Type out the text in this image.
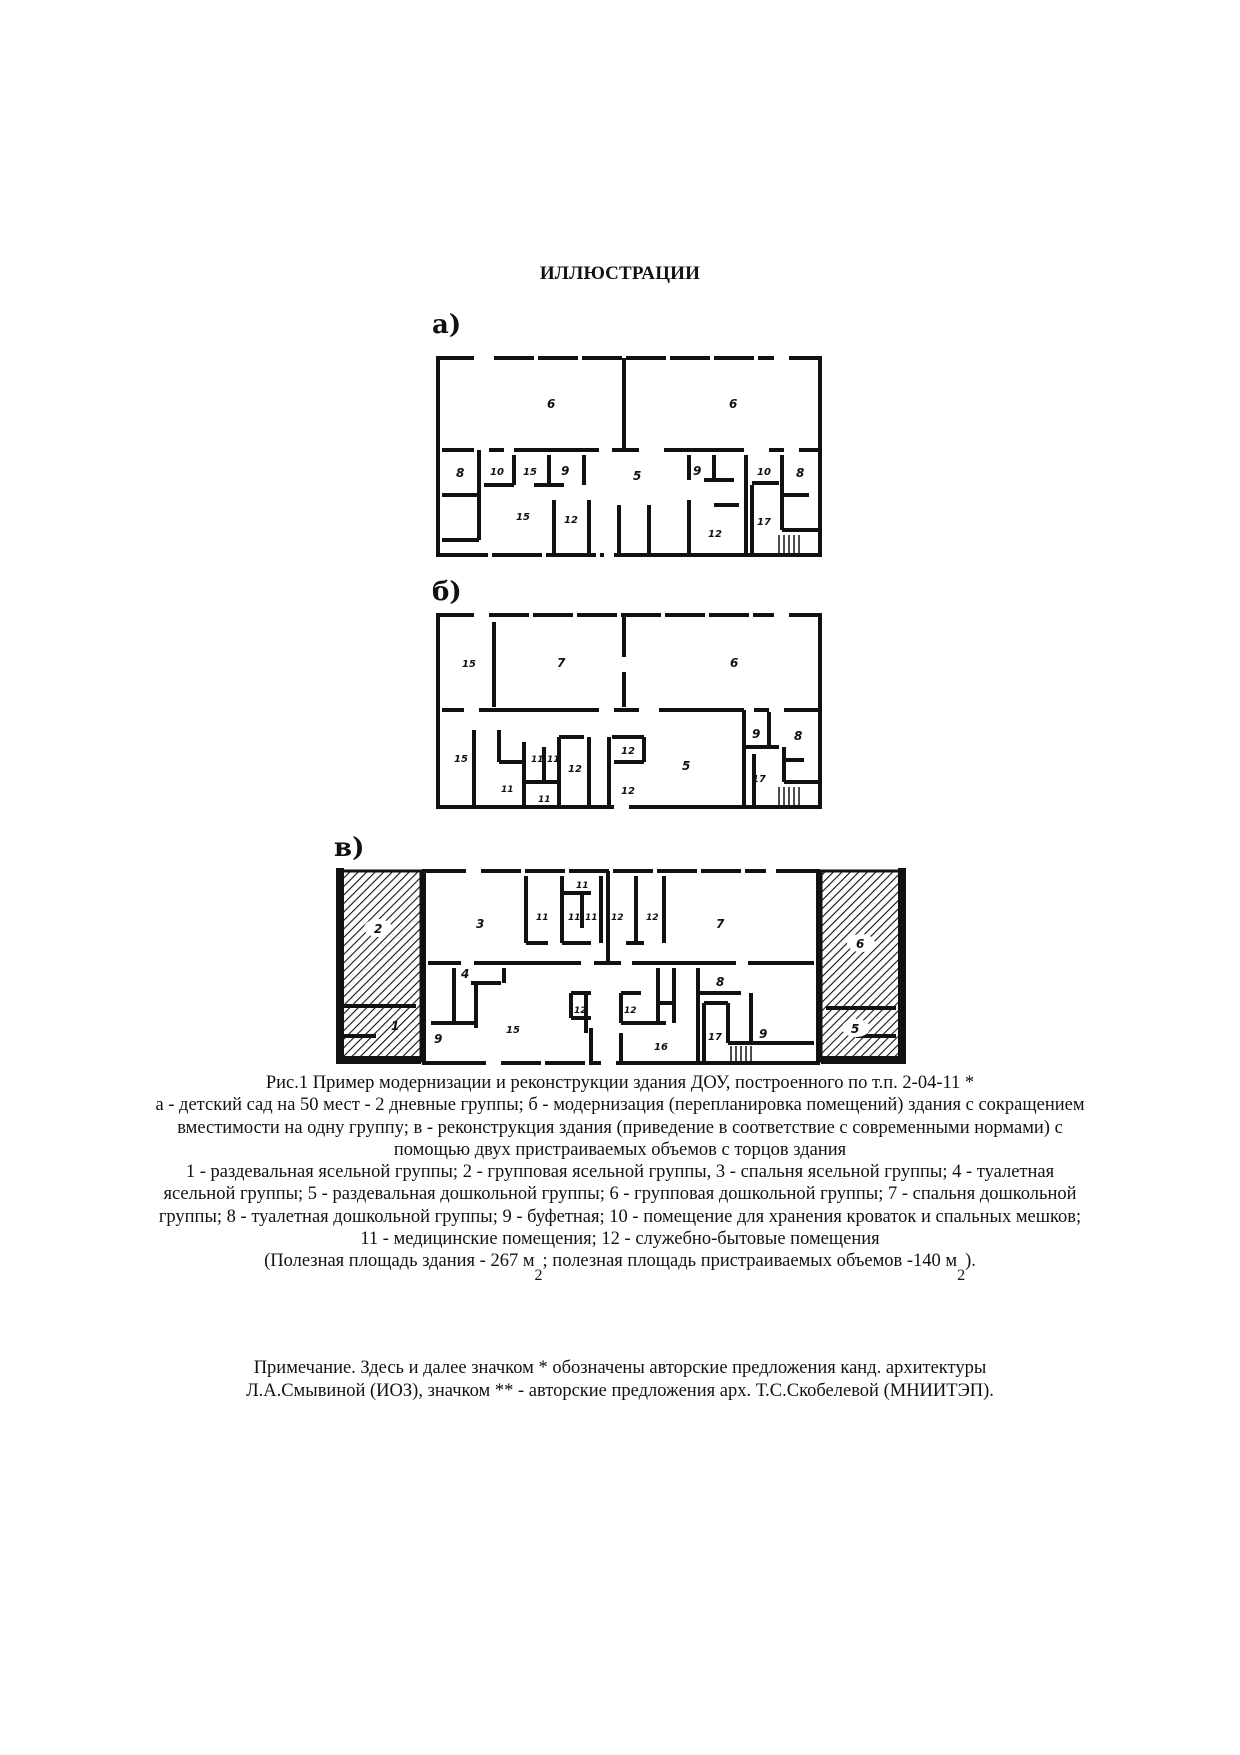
ИЛЛЮСТРАЦИИ
а)
6	6
8	10 15 9	5	9	10 8
15	12
12
17
б)
15	7	6
15
11
11 11
11
12
12
12
5
9	8
17
в)
2
1
3	11
11
11 11 12 12	7
6
5
4
9
15
12	12
16
8
17	9

Рис.1 Пример модернизации и реконструкции здания ДОУ, построенного по т.п. 2-04-11 *

а - детский сад на 50 мест - 2 дневные группы; б - модернизация (перепланировка помещений) здания с сокращением вместимости на одну группу; в - реконструкция здания (приведение в соответствие с современными нормами) с помощью двух пристраиваемых объемов с торцов здания

1 - раздевальная ясельной группы; 2 - групповая ясельной группы, 3 - спальня ясельной группы; 4 - туалетная ясельной группы; 5 - раздевальная дошкольной группы; 6 - групповая дошкольной группы; 7 - спальня дошкольной группы; 8 - туалетная дошкольной группы; 9 - буфетная; 10 - помещение для хранения кроваток и спальных мешков; 11 - медицинские помещения; 12 - служебно-бытовые помещения

(Полезная площадь здания - 267 м2; полезная площадь пристраиваемых объемов -140 м2).

Примечание. Здесь и далее значком * обозначены авторские предложения канд. архитектуры

Л.А.Смывиной (ИОЗ), значком ** - авторские предложения арх. Т.С.Скобелевой (МНИИТЭП).
